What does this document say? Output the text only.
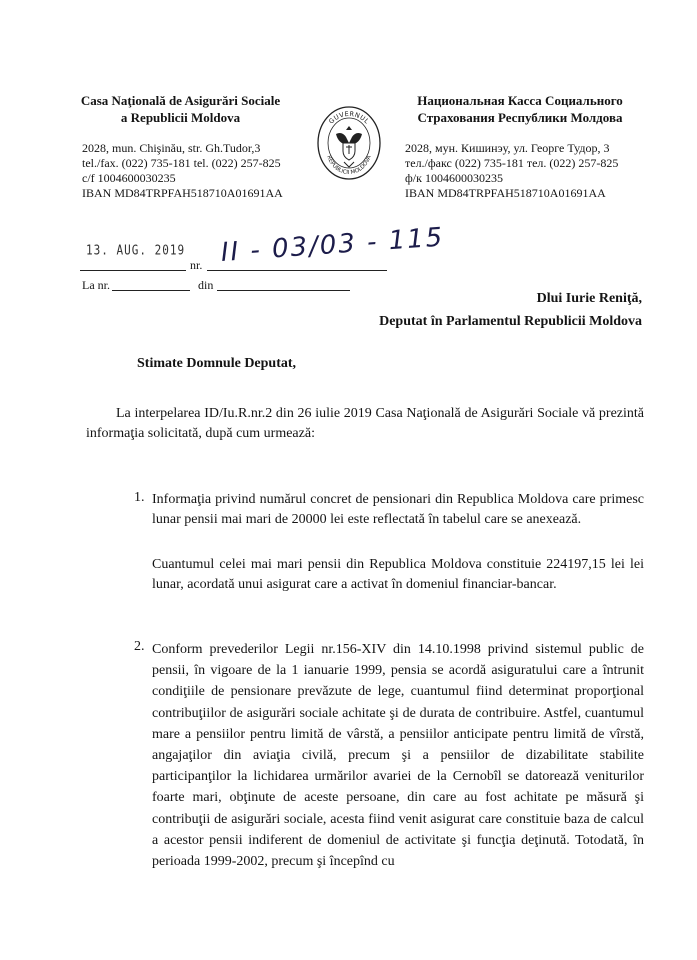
Casa Naţională de Asigurări Sociale
a Republicii Moldova
2028, mun. Chişinău, str. Gh.Tudor,3
tel./fax. (022) 735-181 tel. (022) 257-825
c/f 1004600030235
IBAN MD84TRPFAH518710A01691AA
GUVERNUL
REPUBLICII MOLDOVA
Национальная Касса Социального
Страхования Республики Молдова
2028, мун. Кишинэу, ул. Георге Тудор, 3
тел./факс (022) 735-181 тел. (022) 257-825
ф/к 1004600030235
IBAN MD84TRPFAH518710A01691AA
13. AUG. 2019
nr. II - 03/03 - 115
La nr.	din
Dlui Iurie Reniţă,
Deputat în Parlamentul Republicii Moldova
Stimate Domnule Deputat,
La interpelarea ID/Iu.R.nr.2 din 26 iulie 2019 Casa Naţională de Asigurări Sociale vă prezintă informaţia solicitată, după cum urmează:
1. Informaţia privind numărul concret de pensionari din Republica Moldova care primesc lunar pensii mai mari de 20000 lei este reflectată în tabelul care se anexează.
Cuantumul celei mai mari pensii din Republica Moldova constituie 224197,15 lei lei lunar, acordată unui asigurat care a activat în domeniul financiar-bancar.
2. Conform prevederilor Legii nr.156-XIV din 14.10.1998 privind sistemul public de pensii, în vigoare de la 1 ianuarie 1999, pensia se acordă asiguratului care a întrunit condiţiile de pensionare prevăzute de lege, cuantumul fiind determinat proporţional contribuţiilor de asigurări sociale achitate şi de durata de contribuire. Astfel, cuantumul mare a pensiilor pentru limită de vârstă, a pensiilor anticipate pentru limită de vîrstă, angajaţilor din aviaţia civilă, precum şi a pensiilor de dizabilitate stabilite participanţilor la lichidarea urmărilor avariei de la Cernobîl se datorează veniturilor foarte mari, obţinute de aceste persoane, din care au fost achitate pe măsură şi contribuţii de asigurări sociale, acesta fiind venit asigurat care constituie baza de calcul a acestor pensii indiferent de domeniul de activitate şi funcţia deţinută. Totodată, în perioada 1999-2002, precum şi începînd cu
